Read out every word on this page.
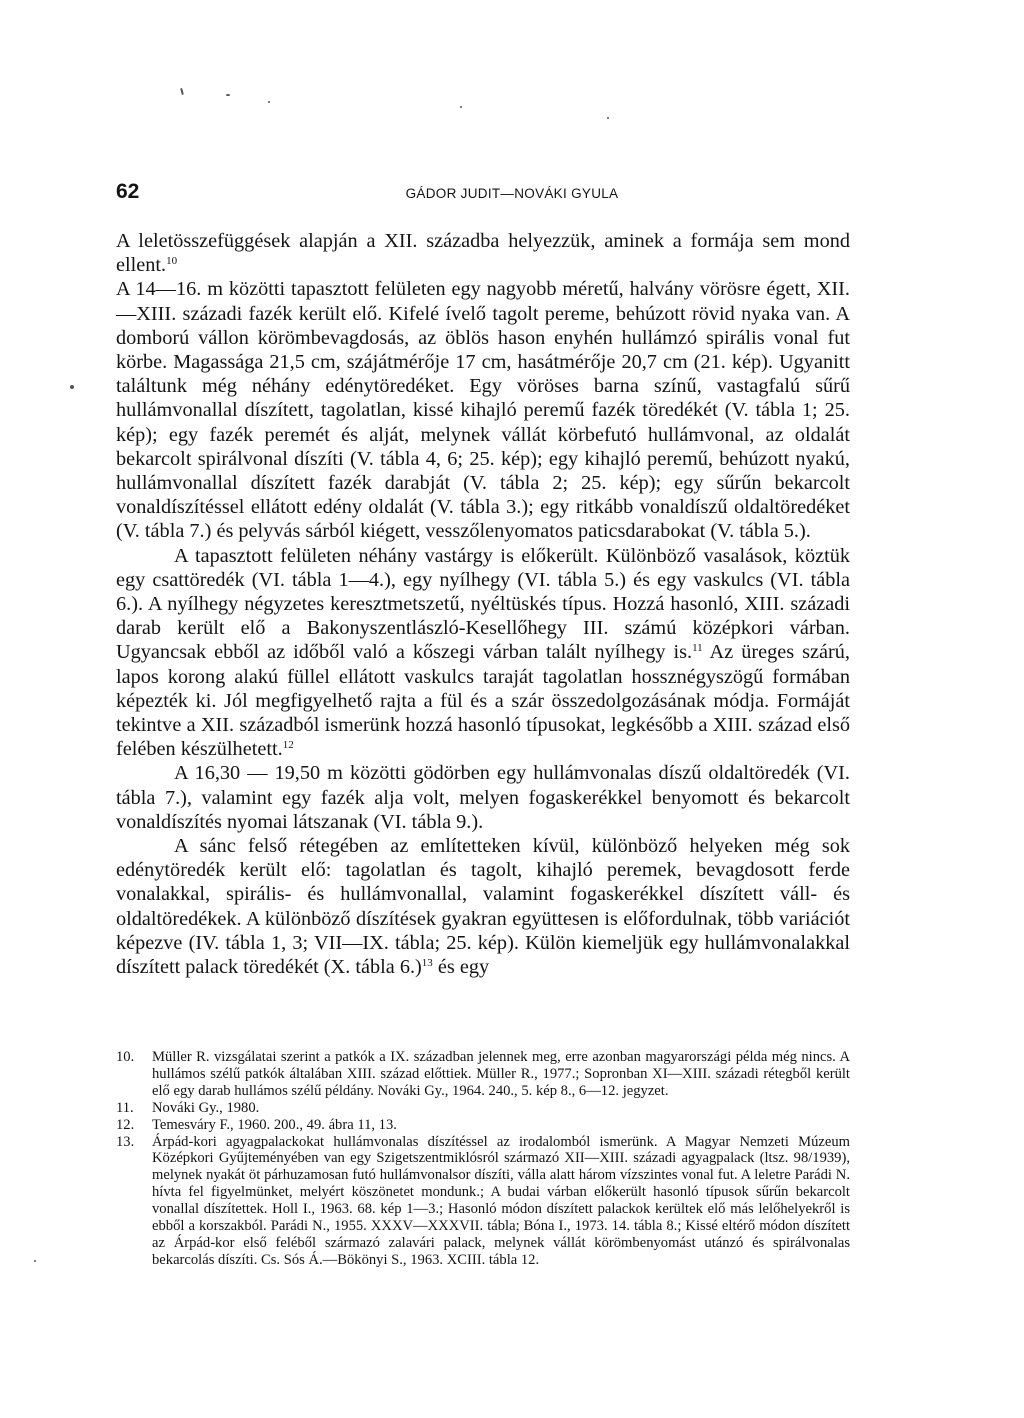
62	GÁDOR JUDIT—NOVÁKI GYULA

A leletösszefüggések alapján a XII. századba helyezzük, aminek a formája sem mond ellent.$^{10}$

A 14—16. m közötti tapasztott felületen egy nagyobb méretű, halvány vörösre égett, XII.—XIII. századi fazék került elő. Kifelé ívelő tagolt pereme, behúzott rövid nyaka van. A domború vállon körömbevagdosás, az öblös hason enyhén hullámzó spirális vonal fut körbe. Magassága 21,5 cm, szájátmérője 17 cm, hasátmérője 20,7 cm (21. kép). Ugyanitt találtunk még néhány edénytöredéket. Egy vöröses barna színű, vastagfalú sűrű hullámvonallal díszített, tagolatlan, kissé kihajló peremű fazék töredékét (V. tábla 1; 25. kép); egy fazék peremét és alját, melynek vállát körbefutó hullámvonal, az oldalát bekarcolt spirálvonal díszíti (V. tábla 4, 6; 25. kép); egy kihajló peremű, behúzott nyakú, hullámvonallal díszített fazék darabját (V. tábla 2; 25. kép); egy sűrűn bekarcolt vonaldíszítéssel ellátott edény oldalát (V. tábla 3.); egy ritkább vonaldíszű oldaltöredéket (V. tábla 7.) és pelyvás sárból kiégett, vesszőlenyomatos paticsdarabokat (V. tábla 5.).

A tapasztott felületen néhány vastárgy is előkerült. Különböző vasalások, köztük egy csattöredék (VI. tábla 1—4.), egy nyílhegy (VI. tábla 5.) és egy vaskulcs (VI. tábla 6.). A nyílhegy négyzetes keresztmetszetű, nyéltüskés típus. Hozzá hasonló, XIII. századi darab került elő a Bakonyszentlászló-Kesellőhegy III. számú középkori várban. Ugyancsak ebből az időből való a kőszegi várban talált nyílhegy is.$^{11}$ Az üreges szárú, lapos korong alakú füllel ellátott vaskulcs taraját tagolatlan hossznégyszögű formában képezték ki. Jól megfigyelhető rajta a fül és a szár összedolgozásának módja. Formáját tekintve a XII. századból ismerünk hozzá hasonló típusokat, legkésőbb a XIII. század első felében készülhetett.$^{12}$

A 16,30 — 19,50 m közötti gödörben egy hullámvonalas díszű oldaltöredék (VI. tábla 7.), valamint egy fazék alja volt, melyen fogaskerékkel benyomott és bekarcolt vonaldíszítés nyomai látszanak (VI. tábla 9.).

A sánc felső rétegében az említetteken kívül, különböző helyeken még sok edénytöredék került elő: tagolatlan és tagolt, kihajló peremek, bevagdosott ferde vonalakkal, spirális- és hullámvonallal, valamint fogaskerékkel díszített váll- és oldaltöredékek. A különböző díszítések gyakran együttesen is előfordulnak, több variációt képezve (IV. tábla 1, 3; VII—IX. tábla; 25. kép). Külön kiemeljük egy hullámvonalakkal díszített palack töredékét (X. tábla 6.)$^{13}$ és egy

10.	Müller R. vizsgálatai szerint a patkók a IX. században jelennek meg, erre azonban magyarországi példa még nincs. A hullámos szélű patkók általában XIII. század előttiek. Müller R., 1977.; Sopronban XI—XIII. századi rétegből került elő egy darab hullámos szélű példány. Nováki Gy., 1964. 240., 5. kép 8., 6—12. jegyzet.
11.	Nováki Gy., 1980.
12.	Temesváry F., 1960. 200., 49. ábra 11, 13.
13.	Árpád-kori agyagpalackokat hullámvonalas díszítéssel az irodalomból ismerünk. A Magyar Nemzeti Múzeum Középkori Gyűjteményében van egy Szigetszentmiklósról származó XII—XIII. századi agyagpalack (ltsz. 98/1939), melynek nyakát öt párhuzamosan futó hullámvonalsor díszíti, válla alatt három vízszintes vonal fut. A leletre Parádi N. hívta fel figyelmünket, melyért köszönetet mondunk.; A budai várban előkerült hasonló típusok sűrűn bekarcolt vonallal díszítettek. Holl I., 1963. 68. kép 1—3.; Hasonló módon díszített palackok kerültek elő más lelőhelyekről is ebből a korszakból. Parádi N., 1955. XXXV—XXXVII. tábla; Bóna I., 1973. 14. tábla 8.; Kissé eltérő módon díszített az Árpád-kor első feléből származó zalavári palack, melynek vállát körömbenyomást utánzó és spirálvonalas bekarcolás díszíti. Cs. Sós Á.—Bökönyi S., 1963. XCIII. tábla 12.
